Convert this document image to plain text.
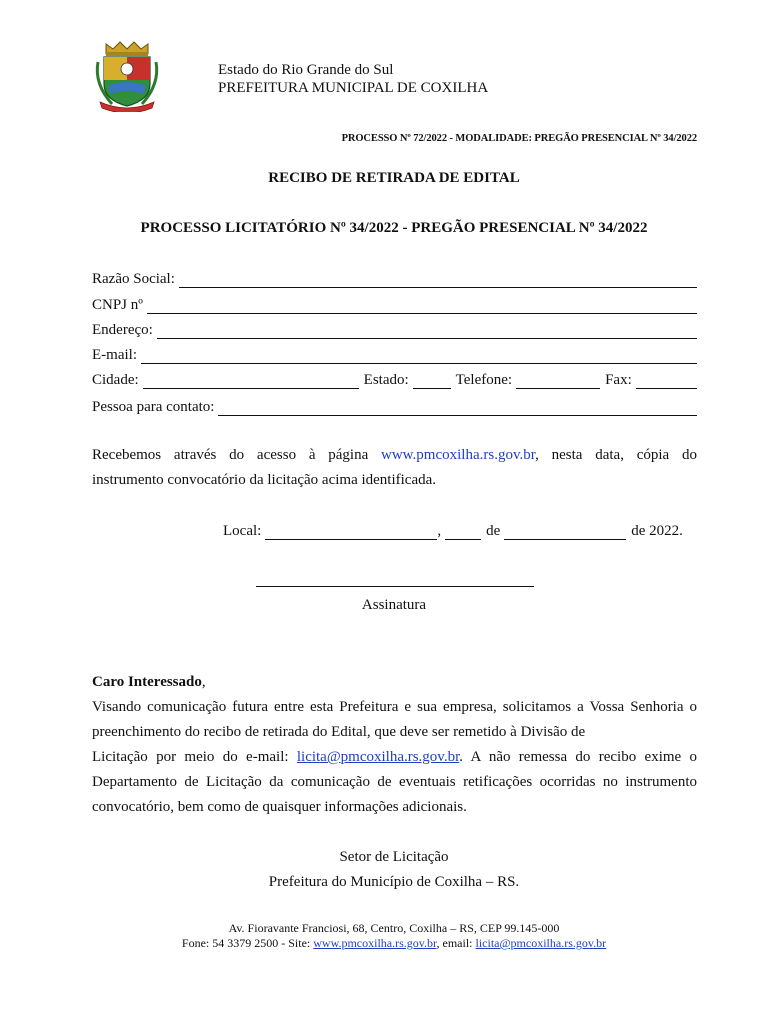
Estado do Rio Grande do Sul
PREFEITURA MUNICIPAL DE COXILHA
PROCESSO Nº 72/2022 - MODALIDADE: PREGÃO PRESENCIAL Nº 34/2022
RECIBO DE RETIRADA DE EDITAL
PROCESSO LICITATÓRIO Nº 34/2022 - PREGÃO PRESENCIAL Nº 34/2022
Razão Social:
CNPJ nº
Endereço:
E-mail:
Cidade:	Estado:	Telefone:	Fax:
Pessoa para contato:
Recebemos através do acesso à página www.pmcoxilha.rs.gov.br, nesta data, cópia do
instrumento convocatório da licitação acima identificada.
Local:	,	de	de 2022.
Assinatura
Caro Interessado,
Visando comunicação futura entre esta Prefeitura e sua empresa, solicitamos a Vossa Senhoria o
preenchimento do recibo de retirada do Edital, que deve ser remetido à Divisão de
Licitação por meio do e-mail: licita@pmcoxilha.rs.gov.br. A não remessa do recibo exime o
Departamento de Licitação da comunicação de eventuais retificações ocorridas no instrumento
convocatório, bem como de quaisquer informações adicionais.
Setor de Licitação
Prefeitura do Município de Coxilha – RS.
Av. Fioravante Franciosi, 68, Centro, Coxilha – RS, CEP 99.145-000
Fone: 54 3379 2500 - Site: www.pmcoxilha.rs.gov.br, email: licita@pmcoxilha.rs.gov.br
